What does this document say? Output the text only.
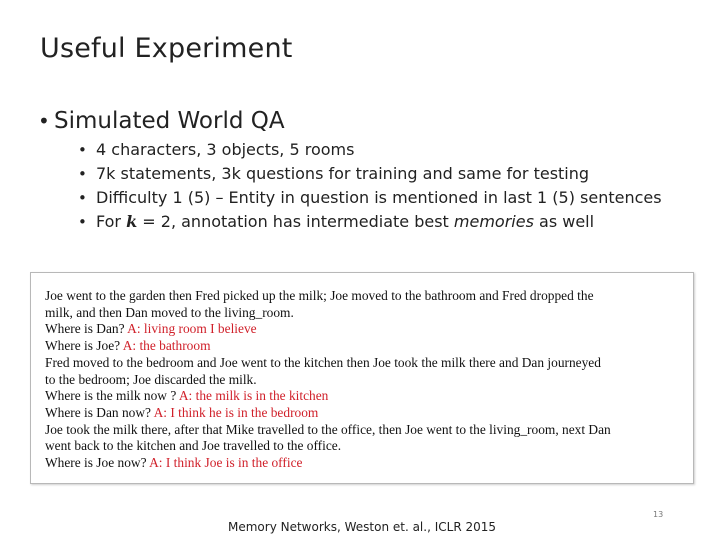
Useful Experiment
• Simulated World QA
• 4 characters, 3 objects, 5 rooms
• 7k statements, 3k questions for training and same for testing
• Difficulty 1 (5) – Entity in question is mentioned in last 1 (5) sentences
• For k = 2, annotation has intermediate best memories as well
Joe went to the garden then Fred picked up the milk; Joe moved to the bathroom and Fred dropped the
milk, and then Dan moved to the living_room.
Where is Dan? A: living room I believe
Where is Joe? A: the bathroom
Fred moved to the bedroom and Joe went to the kitchen then Joe took the milk there and Dan journeyed
to the bedroom; Joe discarded the milk.
Where is the milk now ? A: the milk is in the kitchen
Where is Dan now? A: I think he is in the bedroom
Joe took the milk there, after that Mike travelled to the office, then Joe went to the living_room, next Dan
went back to the kitchen and Joe travelled to the office.
Where is Joe now? A: I think Joe is in the office
Memory Networks, Weston et. al., ICLR 2015
13
